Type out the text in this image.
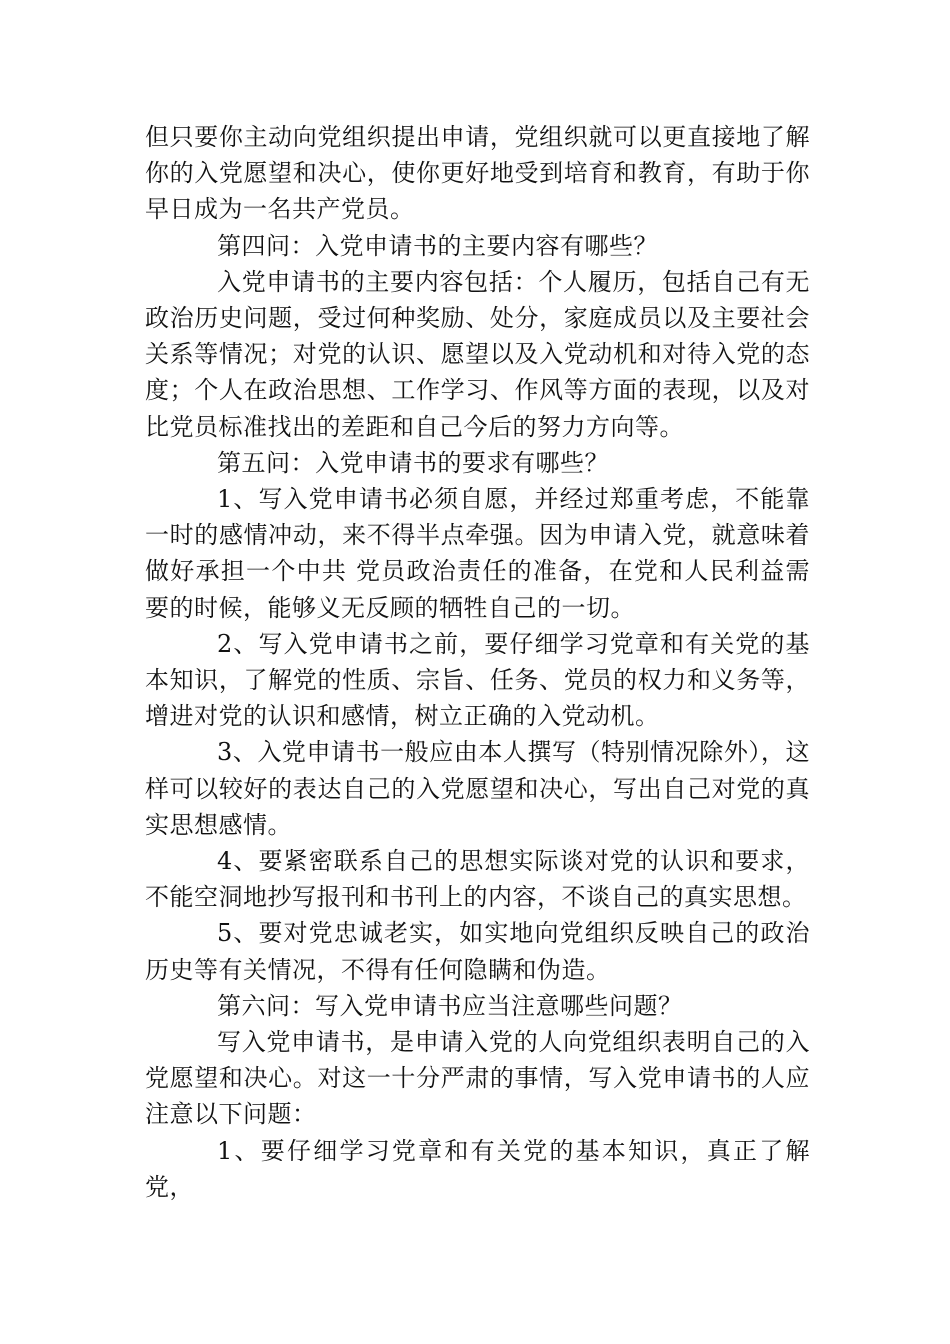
但只要你主动向党组织提出申请，党组织就可以更直接地了解你的入党愿望和决心，使你更好地受到培育和教育，有助于你早日成为一名共产党员。

第四问：入党申请书的主要内容有哪些？

入党申请书的主要内容包括：个人履历，包括自己有无政治历史问题，受过何种奖励、处分，家庭成员以及主要社会关系等情况；对党的认识、愿望以及入党动机和对待入党的态度；个人在政治思想、工作学习、作风等方面的表现，以及对比党员标准找出的差距和自己今后的努力方向等。

第五问：入党申请书的要求有哪些？

1、写入党申请书必须自愿，并经过郑重考虑，不能靠一时的感情冲动，来不得半点牵强。因为申请入党，就意味着做好承担一个中共 党员政治责任的准备，在党和人民利益需要的时候，能够义无反顾的牺牲自己的一切。

2、写入党申请书之前，要仔细学习党章和有关党的基本知识，了解党的性质、宗旨、任务、党员的权力和义务等，增进对党的认识和感情，树立正确的入党动机。

3、入党申请书一般应由本人撰写（特别情况除外），这样可以较好的表达自己的入党愿望和决心，写出自己对党的真实思想感情。

4、要紧密联系自己的思想实际谈对党的认识和要求，不能空洞地抄写报刊和书刊上的内容，不谈自己的真实思想。

5、要对党忠诚老实，如实地向党组织反映自己的政治历史等有关情况，不得有任何隐瞒和伪造。

第六问：写入党申请书应当注意哪些问题？

写入党申请书，是申请入党的人向党组织表明自己的入党愿望和决心。对这一十分严肃的事情，写入党申请书的人应注意以下问题：

1、要仔细学习党章和有关党的基本知识，真正了解党，
